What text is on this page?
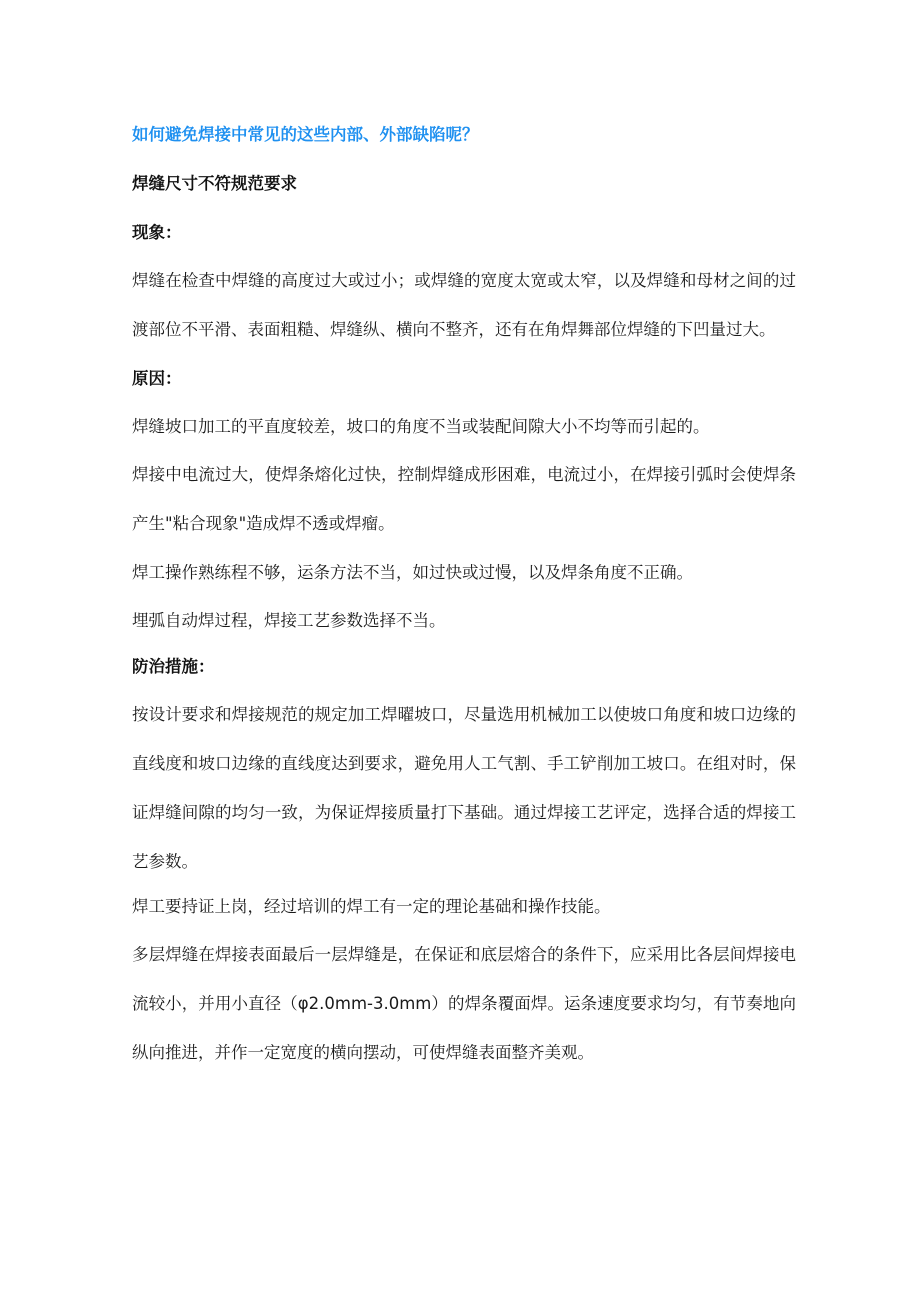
如何避免焊接中常见的这些内部、外部缺陷呢？

焊缝尺寸不符规范要求

现象：

焊缝在检查中焊缝的高度过大或过小；或焊缝的宽度太宽或太窄，以及焊缝和母材之间的过渡部位不平滑、表面粗糙、焊缝纵、横向不整齐，还有在角焊舞部位焊缝的下凹量过大。

原因：

焊缝坡口加工的平直度较差，坡口的角度不当或装配间隙大小不均等而引起的。

焊接中电流过大，使焊条熔化过快，控制焊缝成形困难，电流过小，在焊接引弧时会使焊条产生"粘合现象"造成焊不透或焊瘤。

焊工操作熟练程不够，运条方法不当，如过快或过慢，以及焊条角度不正确。

埋弧自动焊过程，焊接工艺参数选择不当。

防治措施：

按设计要求和焊接规范的规定加工焊曜坡口，尽量选用机械加工以使坡口角度和坡口边缘的直线度和坡口边缘的直线度达到要求，避免用人工气割、手工铲削加工坡口。在组对时，保证焊缝间隙的均匀一致，为保证焊接质量打下基础。通过焊接工艺评定，选择合适的焊接工艺参数。

焊工要持证上岗，经过培训的焊工有一定的理论基础和操作技能。

多层焊缝在焊接表面最后一层焊缝是，在保证和底层熔合的条件下，应采用比各层间焊接电流较小，并用小直径（φ2.0mm-3.0mm）的焊条覆面焊。运条速度要求均匀，有节奏地向纵向推进，并作一定宽度的横向摆动，可使焊缝表面整齐美观。
